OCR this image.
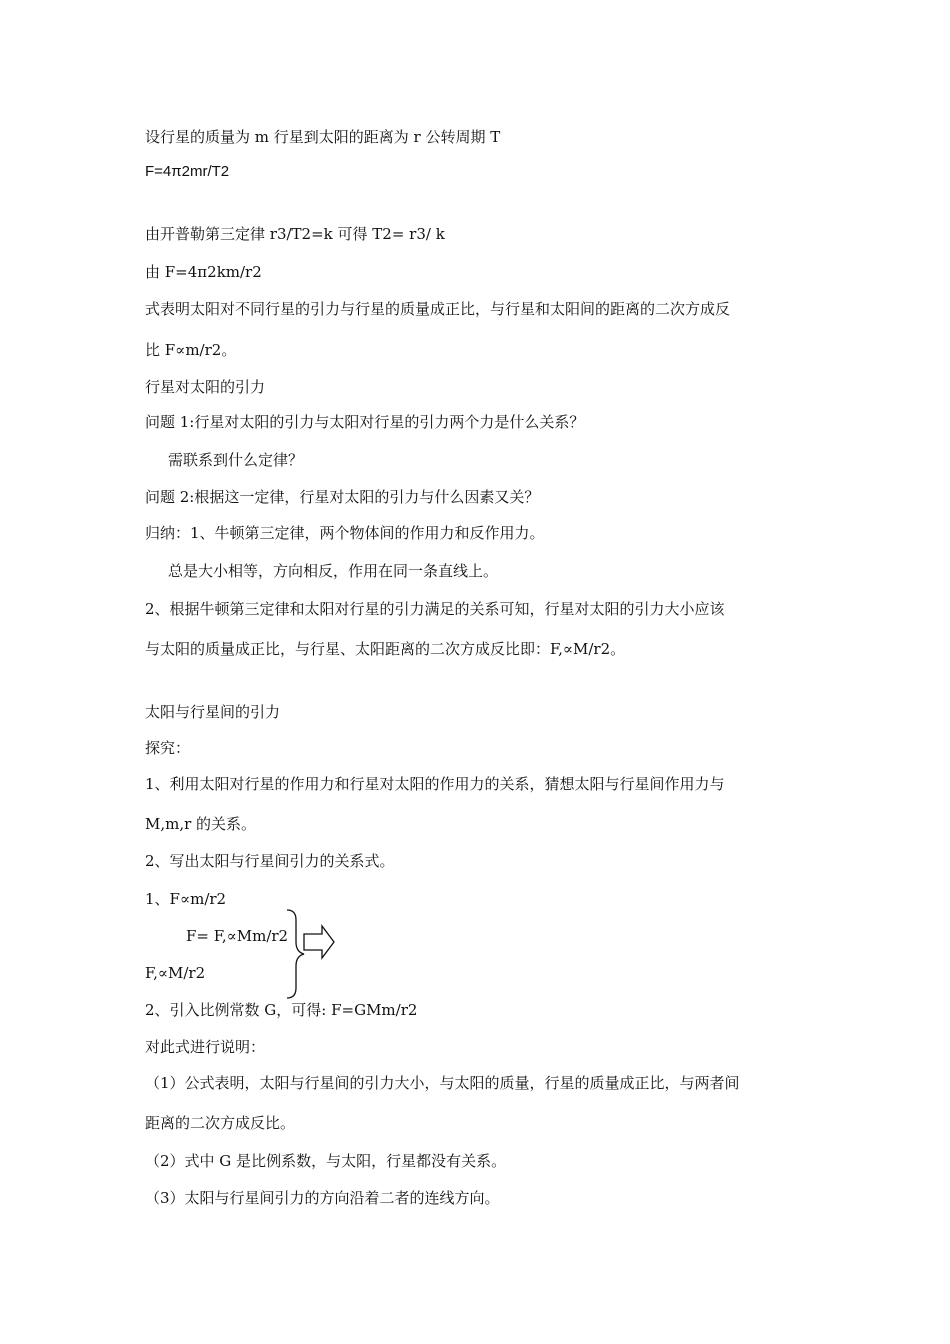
设行星的质量为 m 行星到太阳的距离为 r 公转周期 T
F=4π2mr/T2
由开普勒第三定律 r3/T2=k 可得 T2= r3/ k
由 F=4π2km/r2
式表明太阳对不同行星的引力与行星的质量成正比，与行星和太阳间的距离的二次方成反
比 F∝m/r2。
行星对太阳的引力
问题 1:行星对太阳的引力与太阳对行星的引力两个力是什么关系？
需联系到什么定律？
问题 2:根据这一定律，行星对太阳的引力与什么因素又关？
归纳：1、牛顿第三定律，两个物体间的作用力和反作用力。
总是大小相等，方向相反，作用在同一条直线上。
2、根据牛顿第三定律和太阳对行星的引力满足的关系可知，行星对太阳的引力大小应该
与太阳的质量成正比，与行星、太阳距离的二次方成反比即：F,∝M/r2。
太阳与行星间的引力
探究：
1、利用太阳对行星的作用力和行星对太阳的作用力的关系，猜想太阳与行星间作用力与
M,m,r 的关系。
2、写出太阳与行星间引力的关系式。
1、F∝m/r2
F= F,∝Mm/r2
F,∝M/r2
2、引入比例常数 G，可得: F=GMm/r2
对此式进行说明：
（1）公式表明，太阳与行星间的引力大小，与太阳的质量，行星的质量成正比，与两者间
距离的二次方成反比。
（2）式中 G 是比例系数，与太阳，行星都没有关系。
（3）太阳与行星间引力的方向沿着二者的连线方向。
